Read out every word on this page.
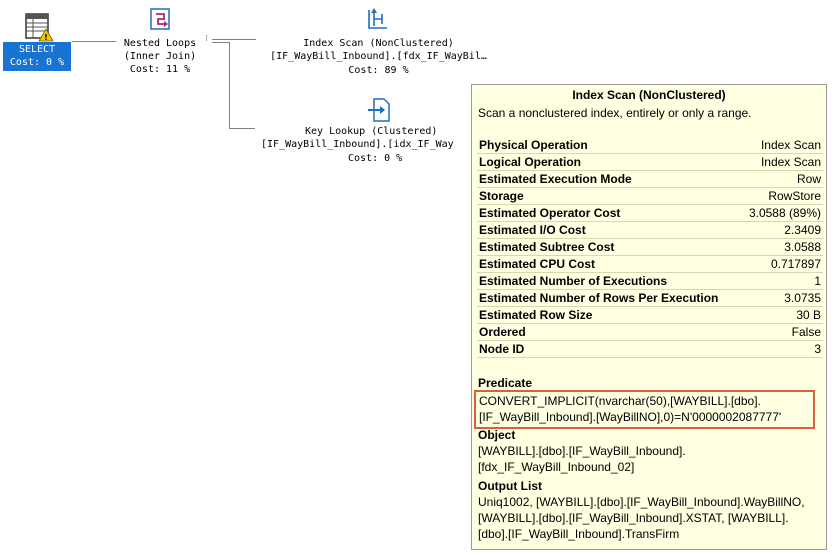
!
SELECT
Cost: 0 %
Nested Loops
(Inner Join)
Cost: 11 %
⁝	Index Scan (NonClustered)
[IF_WayBill_Inbound].[fdx_IF_WayBil…
Cost: 89 %
Key Lookup (Clustered)
[IF_WayBill_Inbound].[idx_IF_Way
Cost: 0 %
Index Scan (NonClustered)
Scan a nonclustered index, entirely or only a range.
Physical Operation	Index Scan
Logical Operation	Index Scan
Estimated Execution Mode	Row
Storage	RowStore
Estimated Operator Cost	3.0588 (89%)
Estimated I/O Cost	2.3409
Estimated Subtree Cost	3.0588
Estimated CPU Cost	0.717897
Estimated Number of Executions	1
Estimated Number of Rows Per Execution	3.0735
Estimated Row Size	30 B
Ordered	False
Node ID	3
Predicate
CONVERT_IMPLICIT(nvarchar(50),[WAYBILL].[dbo].
[IF_WayBill_Inbound].[WayBillNO],0)=N'0000002087777'
Object
[WAYBILL].[dbo].[IF_WayBill_Inbound].
[fdx_IF_WayBill_Inbound_02]
Output List
Uniq1002, [WAYBILL].[dbo].[IF_WayBill_Inbound].WayBillNO,
[WAYBILL].[dbo].[IF_WayBill_Inbound].XSTAT, [WAYBILL].
[dbo].[IF_WayBill_Inbound].TransFirm
